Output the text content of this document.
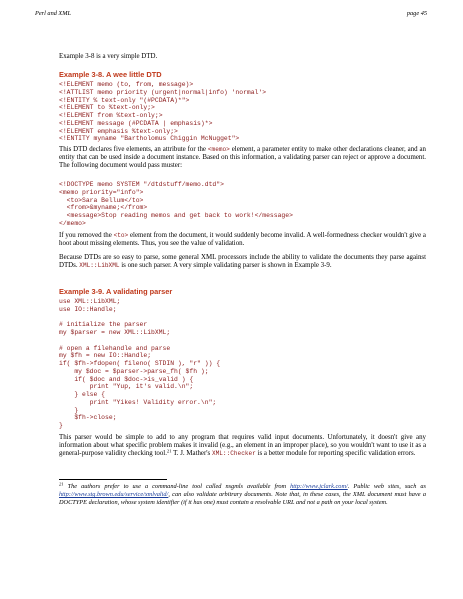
Perl and XML	page 45
Example 3-8 is a very simple DTD.
Example 3-8. A wee little DTD
<!ELEMENT memo (to, from, message)>
<!ATTLIST memo priority (urgent|normal|info) 'normal'>
<!ENTITY % text-only "(#PCDATA)*">
<!ELEMENT to %text-only;>
<!ELEMENT from %text-only;>
<!ELEMENT message (#PCDATA | emphasis)*>
<!ELEMENT emphasis %text-only;>
<!ENTITY myname "Bartholomus Chiggin McNugget">
This DTD declares five elements, an attribute for the <memo> element, a parameter entity to make other declarations cleaner, and an entity that can be used inside a document instance. Based on this information, a validating parser can reject or approve a document. The following document would pass muster:
<!DOCTYPE memo SYSTEM "/dtdstuff/memo.dtd">
<memo priority="info">
<to>Sara Bellum</to>
<from>&myname;</from>
<message>Stop reading memos and get back to work!</message>
</memo>
If you removed the <to> element from the document, it would suddenly become invalid. A well-formedness checker wouldn't give a hoot about missing elements. Thus, you see the value of validation.
Because DTDs are so easy to parse, some general XML processors include the ability to validate the documents they parse against DTDs. XML::LibXML is one such parser. A very simple validating parser is shown in Example 3-9.
Example 3-9. A validating parser
use XML::LibXML;
use IO::Handle;

# initialize the parser
my $parser = new XML::LibXML;

# open a filehandle and parse
my $fh = new IO::Handle;
if( $fh->fdopen( fileno( STDIN ), "r" )) {
my $doc = $parser->parse_fh( $fh );
if( $doc and $doc->is_valid ) {
print "Yup, it's valid.\n";
} else {
print "Yikes! Validity error.\n";
}
$fh->close;
}
This parser would be simple to add to any program that requires valid input documents. Unfortunately, it doesn't give any information about what specific problem makes it invalid (e.g., an element in an improper place), so you wouldn't want to use it as a general-purpose validity checking tool.$^{21}$ T. J. Mather's XML::Checker is a better module for reporting specific validation errors.
$^{21}$ The authors prefer to use a command-line tool called nsgmls available from http://www.jclark.com/. Public web sites, such as http://www.stg.brown.edu/service/xmlvalid/, can also validate arbitrary documents. Note that, in these cases, the XML document must have a DOCTYPE declaration, whose system identifier (if it has one) must contain a resolvable URL and not a path on your local system.
